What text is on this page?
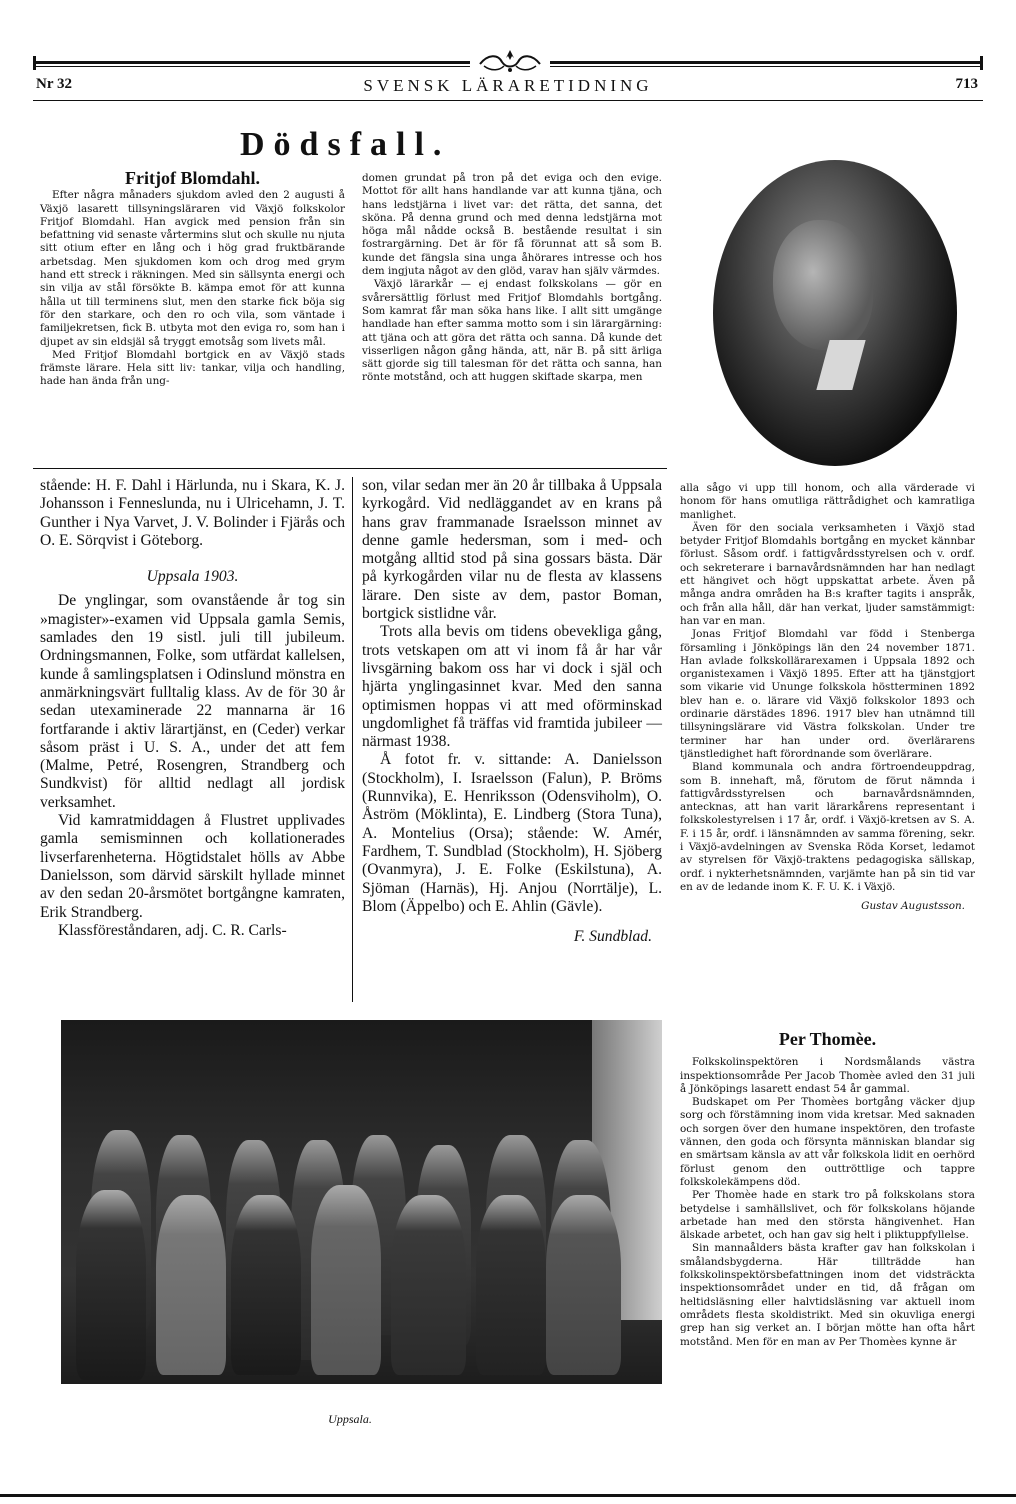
Nr 32	SVENSK LÄRARETIDNING	713
Dödsfall.
Fritjof Blomdahl.

Efter några månaders sjukdom avled den 2 augusti å Växjö lasarett tillsyningsläraren vid Växjö folkskolor Fritjof Blomdahl. Han avgick med pension från sin befattning vid senaste vårtermins slut och skulle nu njuta sitt otium efter en lång och i hög grad fruktbärande arbetsdag. Men sjukdomen kom och drog med grym hand ett streck i räkningen. Med sin sällsynta energi och sin vilja av stål försökte B. kämpa emot för att kunna hålla ut till terminens slut, men den starke fick böja sig för den starkare, och den ro och vila, som väntade i familjekretsen, fick B. utbyta mot den eviga ro, som han i djupet av sin eldsjäl så tryggt emotsåg som livets mål.

Med Fritjof Blomdahl bortgick en av Växjö stads främste lärare. Hela sitt liv: tankar, vilja och handling, hade han ända från ung-

domen grundat på tron på det eviga och den evige. Mottot för allt hans handlande var att kunna tjäna, och hans ledstjärna i livet var: det rätta, det sanna, det sköna. På denna grund och med denna ledstjärna mot höga mål nådde också B. bestående resultat i sin fostrargärning. Det är för få förunnat att så som B. kunde det fängsla sina unga åhörares intresse och hos dem ingjuta något av den glöd, varav han själv värmdes.

Växjö lärarkår — ej endast folkskolans — gör en svårersättlig förlust med Fritjof Blomdahls bortgång. Som kamrat får man söka hans like. I allt sitt umgänge handlade han efter samma motto som i sin lärargärning: att tjäna och att göra det rätta och sanna. Då kunde det visserligen någon gång hända, att, när B. på sitt ärliga sätt gjorde sig till talesman för det rätta och sanna, han rönte motstånd, och att huggen skiftade skarpa, men

stående: H. F. Dahl i Härlunda, nu i Skara, K. J. Johansson i Fenneslunda, nu i Ulricehamn, J. T. Gunther i Nya Varvet, J. V. Bolinder i Fjärås och O. E. Sörqvist i Göteborg.

Uppsala 1903.

De ynglingar, som ovanstående år tog sin »magister»-examen vid Uppsala gamla Semis, samlades den 19 sistl. juli till jubileum. Ordningsmannen, Folke, som utfärdat kallelsen, kunde å samlingsplatsen i Odinslund mönstra en anmärkningsvärt fulltalig klass. Av de för 30 år sedan utexaminerade 22 mannarna är 16 fortfarande i aktiv lärartjänst, en (Ceder) verkar såsom präst i U. S. A., under det att fem (Malme, Petré, Rosengren, Strandberg och Sundkvist) för alltid nedlagt all jordisk verksamhet.

Vid kamratmiddagen å Flustret upplivades gamla semisminnen och kollationerades livserfarenheterna. Högtidstalet hölls av Abbe Danielsson, som därvid särskilt hyllade minnet av den sedan 20-årsmötet bortgångne kamraten, Erik Strandberg.

Klassföreståndaren, adj. C. R. Carls-

son, vilar sedan mer än 20 år tillbaka å Uppsala kyrkogård. Vid nedläggandet av en krans på hans grav frammanade Israelsson minnet av denne gamle hedersman, som i med- och motgång alltid stod på sina gossars bästa. Där på kyrkogården vilar nu de flesta av klassens lärare. Den siste av dem, pastor Boman, bortgick sistlidne vår.

Trots alla bevis om tidens obevekliga gång, trots vetskapen om att vi inom få år har vår livsgärning bakom oss har vi dock i själ och hjärta ynglingasinnet kvar. Med den sanna optimismen hoppas vi att med oförminskad ungdomlighet få träffas vid framtida jubileer — närmast 1938.

Å fotot fr. v. sittande: A. Danielsson (Stockholm), I. Israelsson (Falun), P. Bröms (Runnvika), E. Henriksson (Odensviholm), O. Åström (Möklinta), E. Lindberg (Stora Tuna), A. Montelius (Orsa); stående: W. Amér, Fardhem, T. Sundblad (Stockholm), H. Sjöberg (Ovanmyra), J. E. Folke (Eskilstuna), A. Sjöman (Harnäs), Hj. Anjou (Norrtälje), L. Blom (Äppelbo) och E. Ahlin (Gävle).

F. Sundblad.

alla sågo vi upp till honom, och alla värderade vi honom för hans omutliga rättrådighet och kamratliga manlighet.

Även för den sociala verksamheten i Växjö stad betyder Fritjof Blomdahls bortgång en mycket kännbar förlust. Såsom ordf. i fattigvårdsstyrelsen och v. ordf. och sekreterare i barnavårdsnämnden har han nedlagt ett hängivet och högt uppskattat arbete. Även på många andra områden ha B:s krafter tagits i anspråk, och från alla håll, där han verkat, ljuder samstämmigt: han var en man.

Jonas Fritjof Blomdahl var född i Stenberga församling i Jönköpings län den 24 november 1871. Han avlade folkskollärarexamen i Uppsala 1892 och organistexamen i Växjö 1895. Efter att ha tjänstgjort som vikarie vid Ununge folkskola höstterminen 1892 blev han e. o. lärare vid Växjö folkskolor 1893 och ordinarie därstädes 1896. 1917 blev han utnämnd till tillsyningslärare vid Västra folkskolan. Under tre terminer har han under ord. överlärarens tjänstledighet haft förordnande som överlärare.

Bland kommunala och andra förtroendeuppdrag, som B. innehaft, må, förutom de förut nämnda i fattigvårdsstyrelsen och barnavårdsnämnden, antecknas, att han varit lärarkårens representant i folkskolestyrelsen i 17 år, ordf. i Växjö-kretsen av S. A. F. i 15 år, ordf. i länsnämnden av samma förening, sekr. i Växjö-avdelningen av Svenska Röda Korset, ledamot av styrelsen för Växjö-traktens pedagogiska sällskap, ordf. i nykterhetsnämnden, varjämte han på sin tid var en av de ledande inom K. F. U. K. i Växjö.

Gustav Augustsson.
Per Thomèe.

Folkskolinspektören i Nordsmålands västra inspektionsområde Per Jacob Thomèe avled den 31 juli å Jönköpings lasarett endast 54 år gammal.

Budskapet om Per Thomèes bortgång väcker djup sorg och förstämning inom vida kretsar. Med saknaden och sorgen över den humane inspektören, den trofaste vännen, den goda och försynta människan blandar sig en smärtsam känsla av att vår folkskola lidit en oerhörd förlust genom den outtröttlige och tappre folkskolekämpens död.

Per Thomèe hade en stark tro på folkskolans stora betydelse i samhällslivet, och för folkskolans höjande arbetade han med den största hängivenhet. Han älskade arbetet, och han gav sig helt i pliktuppfyllelse.

Sin mannaålders bästa krafter gav han folkskolan i smålandsbygderna. Här tillträdde han folkskolinspektörsbefattningen inom det vidsträckta inspektionsområdet under en tid, då frågan om heltidsläsning eller halvtidsläsning var aktuell inom områdets flesta skoldistrikt. Med sin okuvliga energi grep han sig verket an. I början mötte han ofta hårt motstånd. Men för en man av Per Thomèes kynne är

Uppsala.
